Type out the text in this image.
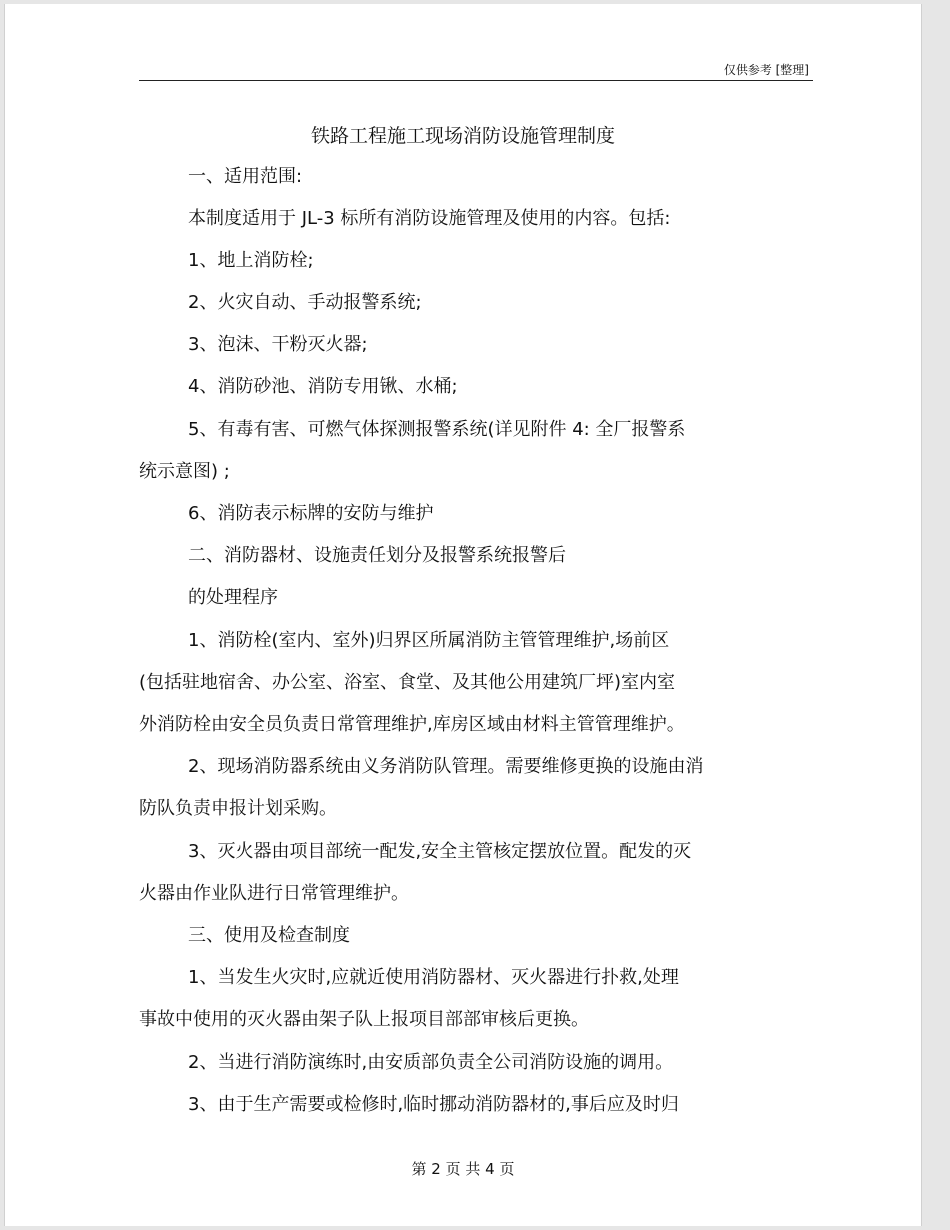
仅供参考 [整理]
铁路工程施工现场消防设施管理制度
一、适用范围:
本制度适用于 JL-3 标所有消防设施管理及使用的内容。包括:
1、地上消防栓;
2、火灾自动、手动报警系统;
3、泡沫、干粉灭火器;
4、消防砂池、消防专用锹、水桶;
5、有毒有害、可燃气体探测报警系统(详见附件 4: 全厂报警系
统示意图) ;
6、消防表示标牌的安防与维护
二、消防器材、设施责任划分及报警系统报警后
的处理程序
1、消防栓(室内、室外)归界区所属消防主管管理维护,场前区
(包括驻地宿舍、办公室、浴室、食堂、及其他公用建筑厂坪)室内室
外消防栓由安全员负责日常管理维护,库房区域由材料主管管理维护。
2、现场消防器系统由义务消防队管理。需要维修更换的设施由消
防队负责申报计划采购。
3、灭火器由项目部统一配发,安全主管核定摆放位置。配发的灭
火器由作业队进行日常管理维护。
三、使用及检查制度
1、当发生火灾时,应就近使用消防器材、灭火器进行扑救,处理
事故中使用的灭火器由架子队上报项目部部审核后更换。
2、当进行消防演练时,由安质部负责全公司消防设施的调用。
3、由于生产需要或检修时,临时挪动消防器材的,事后应及时归
第 2 页 共 4 页
